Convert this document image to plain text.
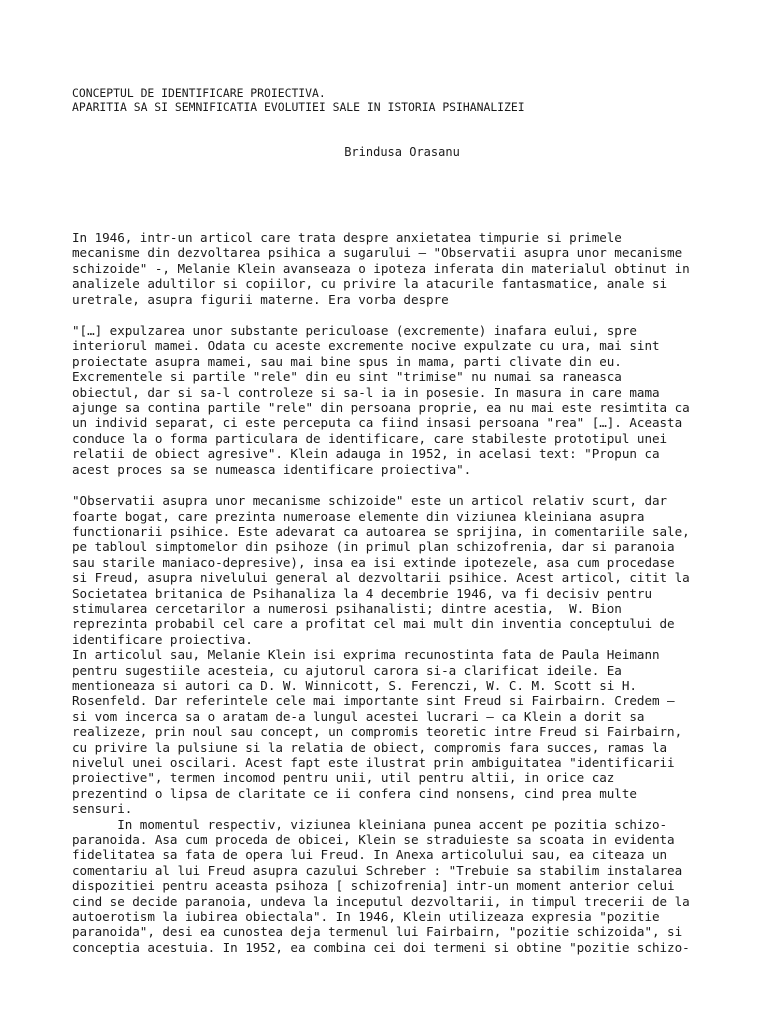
CONCEPTUL DE IDENTIFICARE PROIECTIVA.
APARITIA SA SI SEMNIFICATIA EVOLUTIEI SALE IN ISTORIA PSIHANALIZEI
Brindusa Orasanu

In 1946, intr-un articol care trata despre anxietatea timpurie si primele
mecanisme din dezvoltarea psihica a sugarului – "Observatii asupra unor mecanisme
schizoide" -, Melanie Klein avanseaza o ipoteza inferata din materialul obtinut in
analizele adultilor si copiilor, cu privire la atacurile fantasmatice, anale si
uretrale, asupra figurii materne. Era vorba despre

"[…] expulzarea unor substante periculoase (excremente) inafara eului, spre
interiorul mamei. Odata cu aceste excremente nocive expulzate cu ura, mai sint
proiectate asupra mamei, sau mai bine spus in mama, parti clivate din eu.
Excrementele si partile "rele" din eu sint "trimise" nu numai sa raneasca
obiectul, dar si sa-l controleze si sa-l ia in posesie. In masura in care mama
ajunge sa contina partile "rele" din persoana proprie, ea nu mai este resimtita ca
un individ separat, ci este perceputa ca fiind insasi persoana "rea" […]. Aceasta
conduce la o forma particulara de identificare, care stabileste prototipul unei
relatii de obiect agresive". Klein adauga in 1952, in acelasi text: "Propun ca
acest proces sa se numeasca identificare proiectiva".

"Observatii asupra unor mecanisme schizoide" este un articol relativ scurt, dar
foarte bogat, care prezinta numeroase elemente din viziunea kleiniana asupra
functionarii psihice. Este adevarat ca autoarea se sprijina, in comentariile sale,
pe tabloul simptomelor din psihoze (in primul plan schizofrenia, dar si paranoia
sau starile maniaco-depresive), insa ea isi extinde ipotezele, asa cum procedase
si Freud, asupra nivelului general al dezvoltarii psihice. Acest articol, citit la
Societatea britanica de Psihanaliza la 4 decembrie 1946, va fi decisiv pentru
stimularea cercetarilor a numerosi psihanalisti; dintre acestia,  W. Bion
reprezinta probabil cel care a profitat cel mai mult din inventia conceptului de
identificare proiectiva.
In articolul sau, Melanie Klein isi exprima recunostinta fata de Paula Heimann
pentru sugestiile acesteia, cu ajutorul carora si-a clarificat ideile. Ea
mentioneaza si autori ca D. W. Winnicott, S. Ferenczi, W. C. M. Scott si H.
Rosenfeld. Dar referintele cele mai importante sint Freud si Fairbairn. Credem –
si vom incerca sa o aratam de-a lungul acestei lucrari – ca Klein a dorit sa
realizeze, prin noul sau concept, un compromis teoretic intre Freud si Fairbairn,
cu privire la pulsiune si la relatia de obiect, compromis fara succes, ramas la
nivelul unei oscilari. Acest fapt este ilustrat prin ambiguitatea "identificarii
proiective", termen incomod pentru unii, util pentru altii, in orice caz
prezentind o lipsa de claritate ce ii confera cind nonsens, cind prea multe
sensuri.
In momentul respectiv, viziunea kleiniana punea accent pe pozitia schizo-
paranoida. Asa cum proceda de obicei, Klein se straduieste sa scoata in evidenta
fidelitatea sa fata de opera lui Freud. In Anexa articolului sau, ea citeaza un
comentariu al lui Freud asupra cazului Schreber : "Trebuie sa stabilim instalarea
dispozitiei pentru aceasta psihoza [ schizofrenia] intr-un moment anterior celui
cind se decide paranoia, undeva la inceputul dezvoltarii, in timpul trecerii de la
autoerotism la iubirea obiectala". In 1946, Klein utilizeaza expresia "pozitie
paranoida", desi ea cunostea deja termenul lui Fairbairn, "pozitie schizoida", si
conceptia acestuia. In 1952, ea combina cei doi termeni si obtine "pozitie schizo-
